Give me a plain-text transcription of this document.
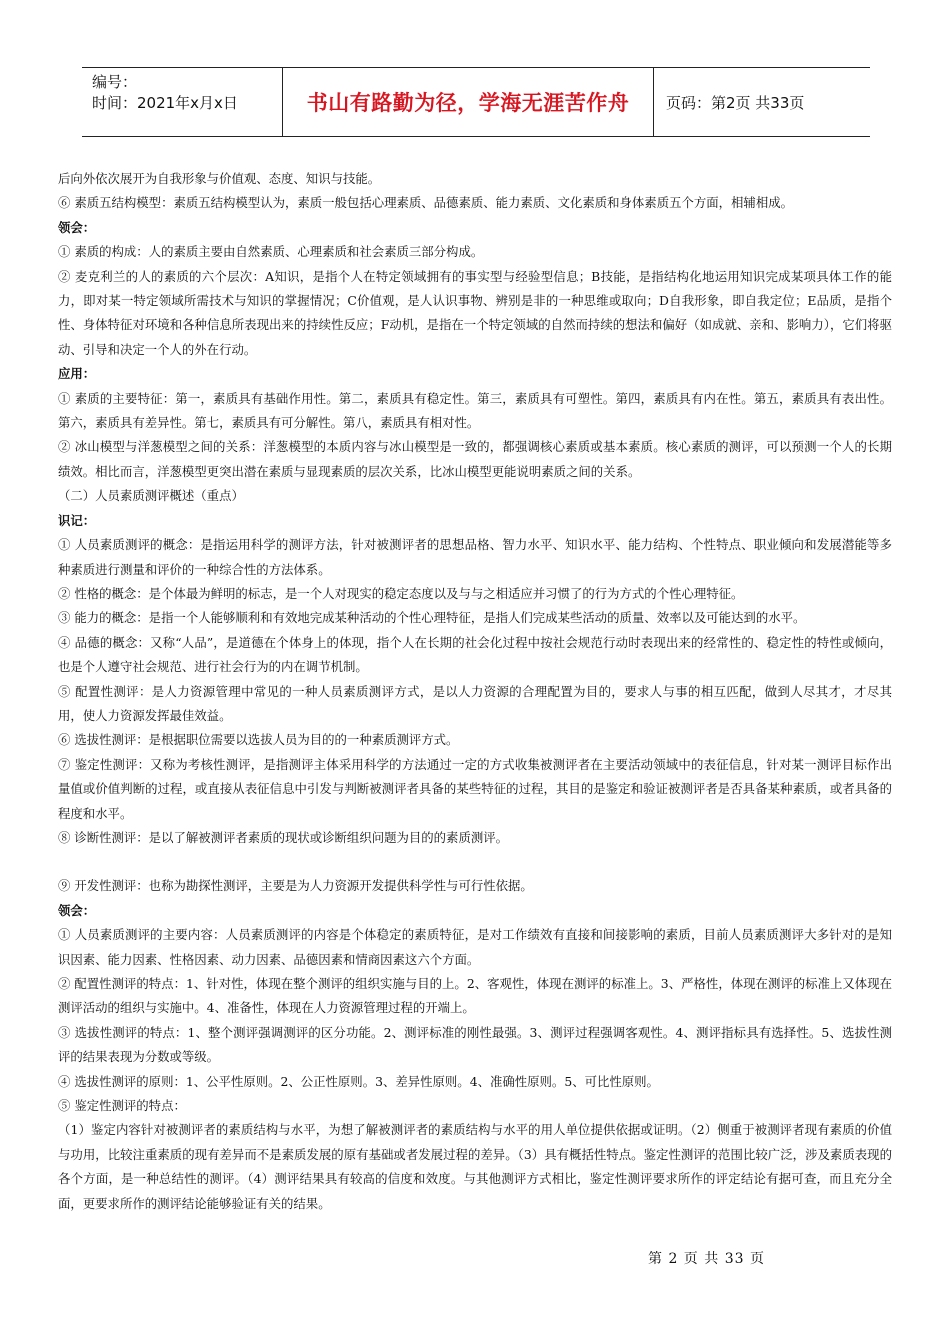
编号：
时间：2021年x月x日	书山有路勤为径，学海无涯苦作舟	页码：第2页 共33页

后向外依次展开为自我形象与价值观、态度、知识与技能。

⑥ 素质五结构模型：素质五结构模型认为，素质一般包括心理素质、品德素质、能力素质、文化素质和身体素质五个方面，相辅相成。

领会：

① 素质的构成：人的素质主要由自然素质、心理素质和社会素质三部分构成。

② 麦克利兰的人的素质的六个层次：A知识，是指个人在特定领域拥有的事实型与经验型信息；B技能，是指结构化地运用知识完成某项具体工作的能力，即对某一特定领域所需技术与知识的掌握情况；C价值观，是人认识事物、辨别是非的一种思维或取向；D自我形象，即自我定位；E品质，是指个性、身体特征对环境和各种信息所表现出来的持续性反应；F动机，是指在一个特定领域的自然而持续的想法和偏好（如成就、亲和、影响力），它们将驱动、引导和决定一个人的外在行动。

应用：

① 素质的主要特征：第一，素质具有基础作用性。第二，素质具有稳定性。第三，素质具有可塑性。第四，素质具有内在性。第五，素质具有表出性。第六，素质具有差异性。第七，素质具有可分解性。第八，素质具有相对性。

② 冰山模型与洋葱模型之间的关系：洋葱模型的本质内容与冰山模型是一致的，都强调核心素质或基本素质。核心素质的测评，可以预测一个人的长期绩效。相比而言，洋葱模型更突出潜在素质与显现素质的层次关系，比冰山模型更能说明素质之间的关系。

（二）人员素质测评概述（重点）

识记：

① 人员素质测评的概念：是指运用科学的测评方法，针对被测评者的思想品格、智力水平、知识水平、能力结构、个性特点、职业倾向和发展潜能等多种素质进行测量和评价的一种综合性的方法体系。

② 性格的概念：是个体最为鲜明的标志，是一个人对现实的稳定态度以及与与之相适应并习惯了的行为方式的个性心理特征。

③ 能力的概念：是指一个人能够顺利和有效地完成某种活动的个性心理特征，是指人们完成某些活动的质量、效率以及可能达到的水平。

④ 品德的概念：又称“人品”，是道德在个体身上的体现，指个人在长期的社会化过程中按社会规范行动时表现出来的经常性的、稳定性的特性或倾向，也是个人遵守社会规范、进行社会行为的内在调节机制。

⑤ 配置性测评：是人力资源管理中常见的一种人员素质测评方式，是以人力资源的合理配置为目的，要求人与事的相互匹配，做到人尽其才，才尽其用，使人力资源发挥最佳效益。

⑥ 选拔性测评：是根据职位需要以选拔人员为目的的一种素质测评方式。

⑦ 鉴定性测评：又称为考核性测评，是指测评主体采用科学的方法通过一定的方式收集被测评者在主要活动领域中的表征信息，针对某一测评目标作出量值或价值判断的过程，或直接从表征信息中引发与判断被测评者具备的某些特征的过程，其目的是鉴定和验证被测评者是否具备某种素质，或者具备的程度和水平。

⑧ 诊断性测评：是以了解被测评者素质的现状或诊断组织问题为目的的素质测评。

⑨ 开发性测评：也称为勘探性测评，主要是为人力资源开发提供科学性与可行性依据。

领会：

① 人员素质测评的主要内容：人员素质测评的内容是个体稳定的素质特征，是对工作绩效有直接和间接影响的素质，目前人员素质测评大多针对的是知识因素、能力因素、性格因素、动力因素、品德因素和情商因素这六个方面。

② 配置性测评的特点：1、针对性，体现在整个测评的组织实施与目的上。2、客观性，体现在测评的标准上。3、严格性，体现在测评的标准上又体现在测评活动的组织与实施中。4、准备性，体现在人力资源管理过程的开端上。

③ 选拔性测评的特点：1、整个测评强调测评的区分功能。2、测评标准的刚性最强。3、测评过程强调客观性。4、测评指标具有选择性。5、选拔性测评的结果表现为分数或等级。

④ 选拔性测评的原则：1、公平性原则。2、公正性原则。3、差异性原则。4、准确性原则。5、可比性原则。

⑤ 鉴定性测评的特点：

（1）鉴定内容针对被测评者的素质结构与水平，为想了解被测评者的素质结构与水平的用人单位提供依据或证明。（2）侧重于被测评者现有素质的价值与功用，比较注重素质的现有差异而不是素质发展的原有基础或者发展过程的差异。（3）具有概括性特点。鉴定性测评的范围比较广泛，涉及素质表现的各个方面，是一种总结性的测评。（4）测评结果具有较高的信度和效度。与其他测评方式相比，鉴定性测评要求所作的评定结论有据可查，而且充分全面，更要求所作的测评结论能够验证有关的结果。

第 2 页 共 33 页
